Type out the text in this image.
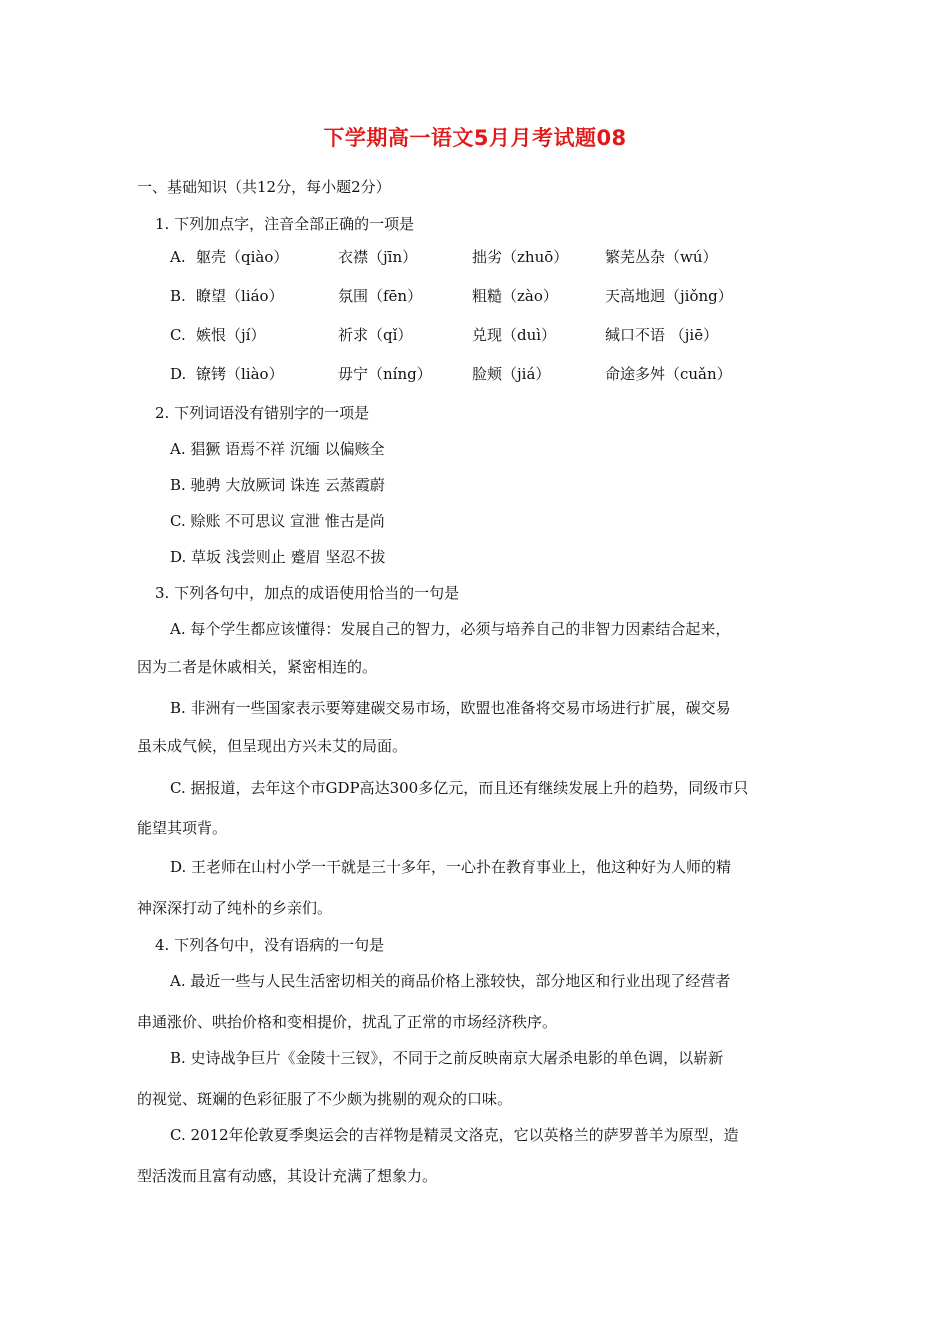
下学期高一语文5月月考试题08
一、基础知识（共12分，每小题2分）
1. 下列加点字，注音全部正确的一项是
A. 躯壳（qiào）	衣襟（jīn）	拙劣（zhuō） 繁芜丛杂（wú）
B. 瞭望（liáo）	氛围（fēn）	粗糙（zào）	天高地迥（jiǒng）
C. 嫉恨（jí）	祈求（qǐ）	兑现（duì）	缄口不语 （jiē）
D. 镣铐（liào）	毋宁（níng）	脸颊（jiá）	命途多舛（cuǎn）
2. 下列词语没有错别字的一项是
A. 猖獗 语焉不祥 沉缅 以偏赅全
B. 驰骋 大放厥词 诛连 云蒸霞蔚
C. 赊账 不可思议 宣泄 惟古是尚
D. 草坂 浅尝则止 蹙眉 坚忍不拔
3. 下列各句中，加点的成语使用恰当的一句是
A. 每个学生都应该懂得：发展自己的智力，必须与培养自己的非智力因素结合起来，
因为二者是休戚相关，紧密相连的。
B. 非洲有一些国家表示要筹建碳交易市场，欧盟也准备将交易市场进行扩展，碳交易
虽未成气候，但呈现出方兴未艾的局面。
C. 据报道，去年这个市GDP高达300多亿元，而且还有继续发展上升的趋势，同级市只
能望其项背。
D. 王老师在山村小学一干就是三十多年，一心扑在教育事业上，他这种好为人师的精
神深深打动了纯朴的乡亲们。
4. 下列各句中，没有语病的一句是
A. 最近一些与人民生活密切相关的商品价格上涨较快，部分地区和行业出现了经营者
串通涨价、哄抬价格和变相提价，扰乱了正常的市场经济秩序。
B. 史诗战争巨片《金陵十三钗》，不同于之前反映南京大屠杀电影的单色调，以崭新
的视觉、斑斓的色彩征服了不少颇为挑剔的观众的口味。
C. 2012年伦敦夏季奥运会的吉祥物是精灵文洛克，它以英格兰的萨罗普羊为原型，造
型活泼而且富有动感，其设计充满了想象力。
